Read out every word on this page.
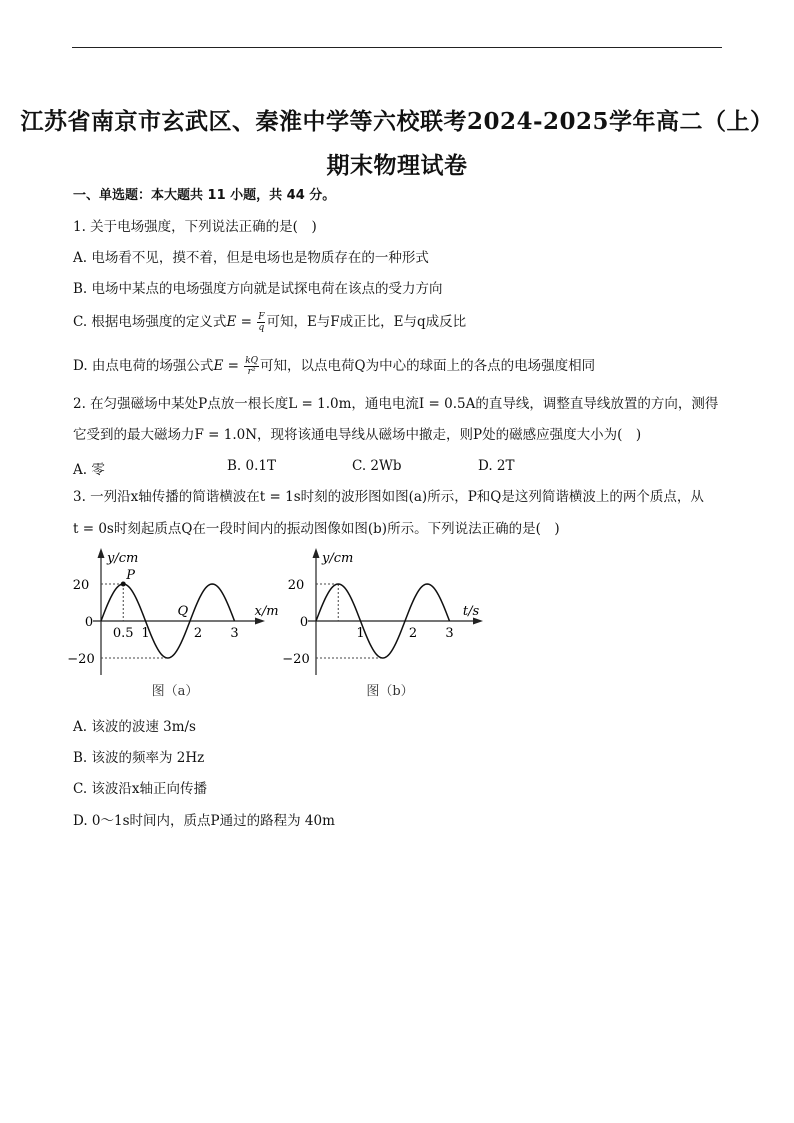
江苏省南京市玄武区、秦淮中学等六校联考2024-2025学年高二（上）
期末物理试卷
一、单选题：本大题共 11 小题，共 44 分。
1. 关于电场强度，下列说法正确的是(　)
A. 电场看不见，摸不着，但是电场也是物质存在的一种形式
B. 电场中某点的电场强度方向就是试探电荷在该点的受力方向
C. 根据电场强度的定义式$E = \frac{F}{q}$ 可知，E与F成正比，E与q成反比
D. 由点电荷的场强公式$E = \frac{kQ}{\text{r²}}$ 可知，以点电荷Q为中心的球面上的各点的电场强度相同
2. 在匀强磁场中某处P点放一根长度L = 1.0m，通电电流I = 0.5A的直导线，调整直导线放置的方向，测得
它受到的最大磁场力F = 1.0N，现将该通电导线从磁场中撤走，则P处的磁感应强度大小为(　)
A. 零	B. 0.1T	C. 2Wb	D. 2T
3. 一列沿x轴传播的简谐横波在t = 1s时刻的波形图如图(a)所示，P和Q是这列简谐横波上的两个质点，从
t = 0s时刻起质点Q在一段时间内的振动图像如图(b)所示。下列说法正确的是(　)
y/cm
x/m
20
0
−20
0.5 1	2 3
P
Q
图（a）
y/cm
t/s
20
0
−20
1	2 3
图（b）
A. 该波的波速 3m/s
B. 该波的频率为 2Hz
C. 该波沿x轴正向传播
D. 0～1s时间内，质点P通过的路程为 40m
